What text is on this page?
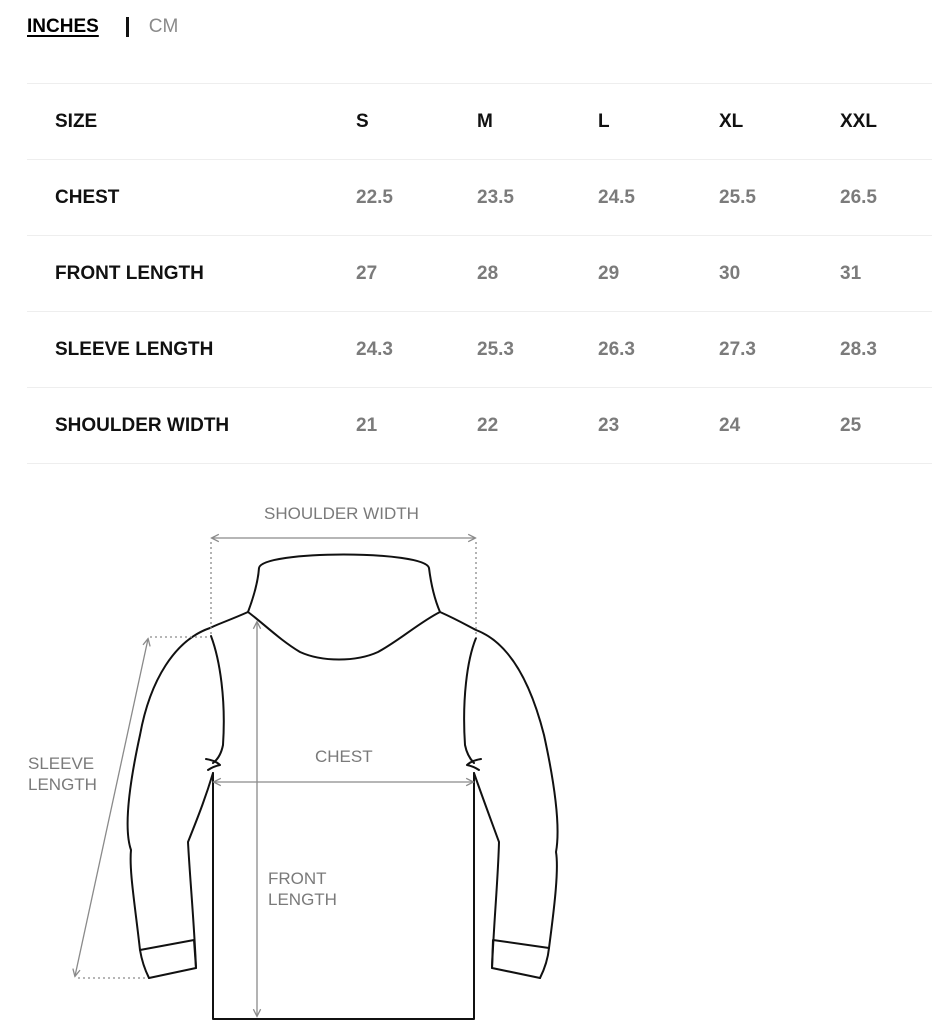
INCHES	CM
SIZE	S	M	L	XL	XXL
CHEST	22.5	23.5	24.5	25.5	26.5
FRONT LENGTH	27	28	29	30	31
SLEEVE LENGTH	24.3	25.3	26.3	27.3	28.3
SHOULDER WIDTH	21	22	23	24	25
SHOULDER WIDTH
CHEST
SLEEVE
LENGTH
FRONT
LENGTH
